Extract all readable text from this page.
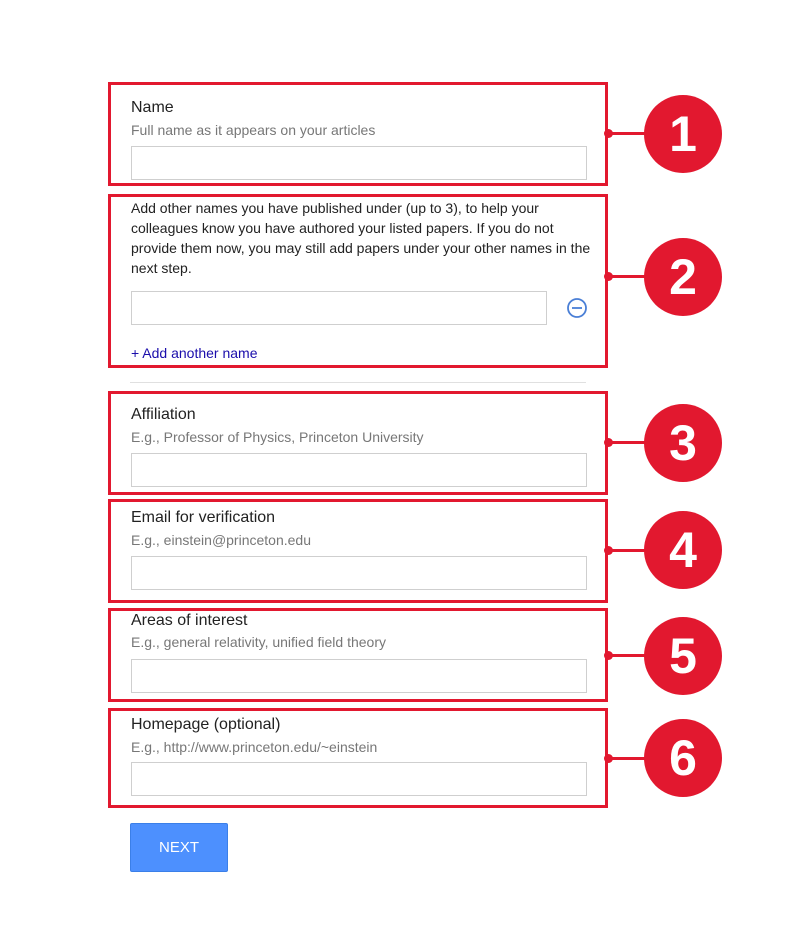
Name
Full name as it appears on your articles	1
Add other names you have published under (up to 3), to help your colleagues know you have authored your listed papers. If you do not provide them now, you may still add papers under your other names in the next step.
+ Add another name
2
Affiliation
E.g., Professor of Physics, Princeton University	3
Email for verification
E.g., einstein@princeton.edu	4
Areas of interest
E.g., general relativity, unified field theory	5
Homepage (optional)
E.g., http://www.princeton.edu/~einstein	6
NEXT
